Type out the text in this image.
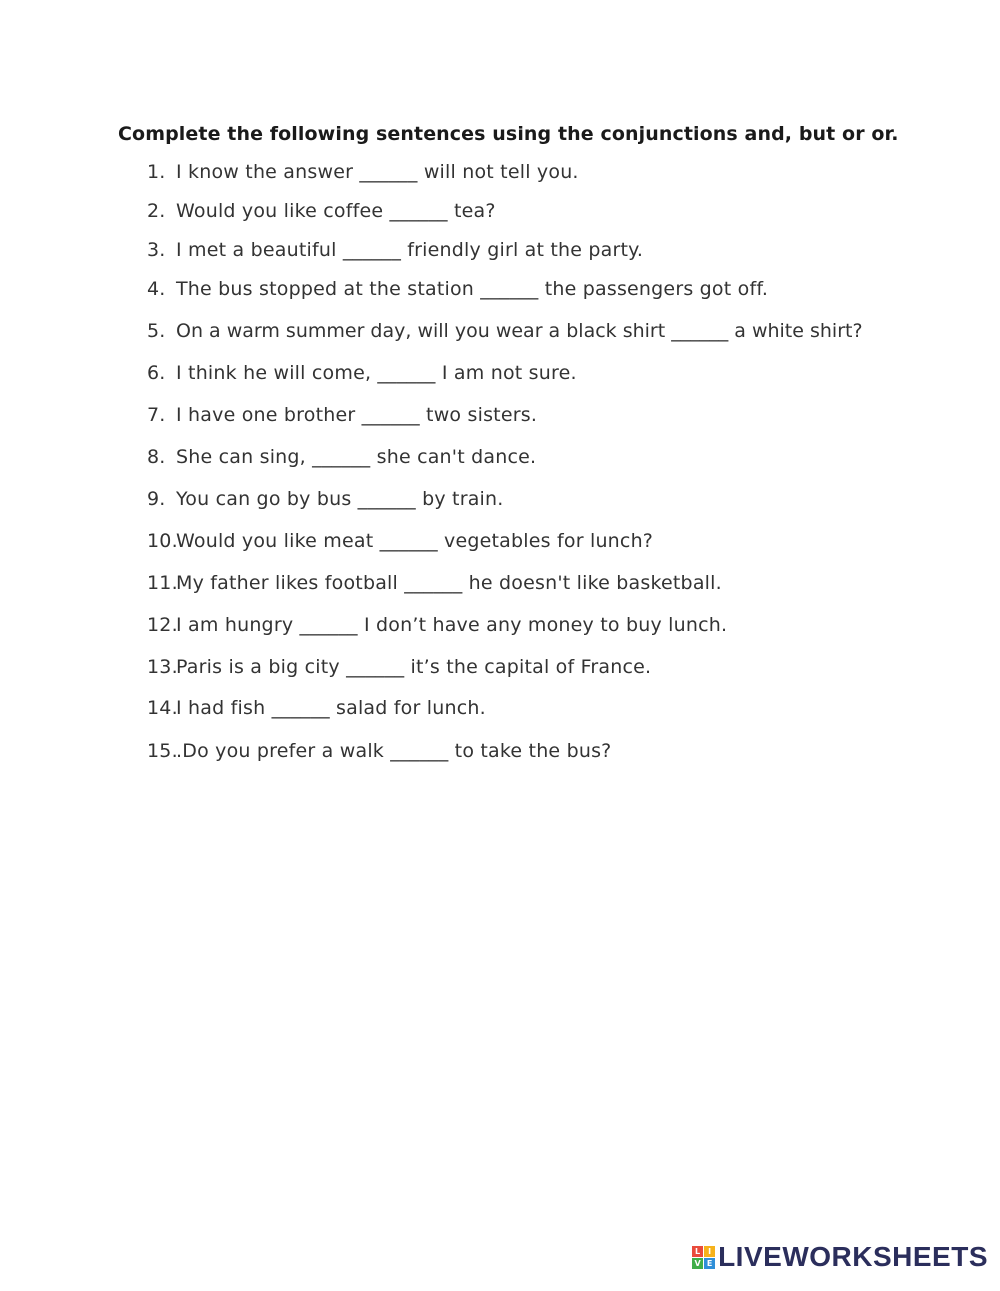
Complete the following sentences using the conjunctions and, but or or.
1. I know the answer ______ will not tell you.
2. Would you like coffee ______ tea?
3. I met a beautiful ______ friendly girl at the party.
4. The bus stopped at the station ______ the passengers got off.
5. On a warm summer day, will you wear a black shirt ______ a white shirt?
6. I think he will come, ______ I am not sure.
7. I have one brother ______ two sisters.
8. She can sing, ______ she can't dance.
9. You can go by bus ______ by train.
10.Would you like meat ______ vegetables for lunch?
11.My father likes football ______ he doesn't like basketball.
12.I am hungry ______ I don’t have any money to buy lunch.
13.Paris is a big city ______ it’s the capital of France.
14.I had fish ______ salad for lunch.
15..Do you prefer a walk ______ to take the bus?
L I
V E LIVEWORKSHEETS
